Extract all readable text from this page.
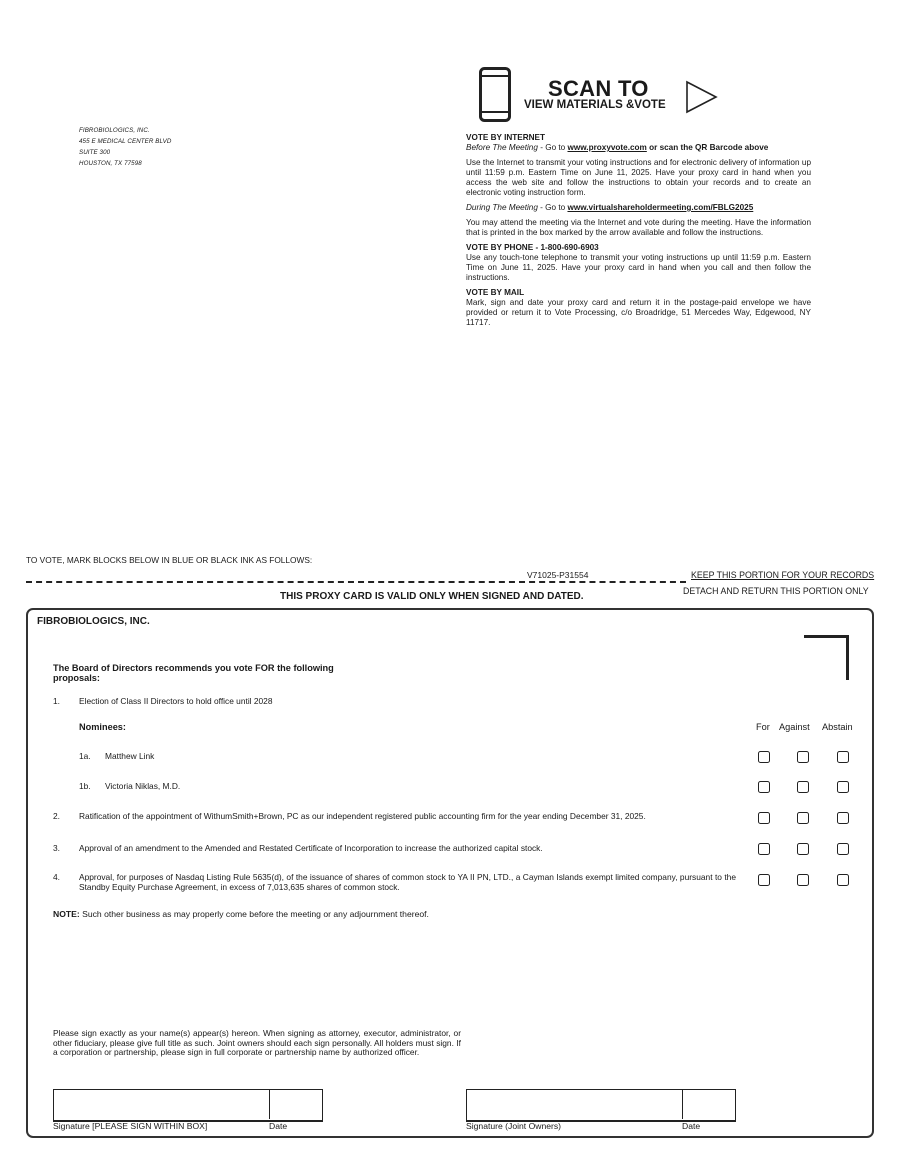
FIBROBIOLOGICS, INC.
455 E MEDICAL CENTER BLVD
SUITE 300
HOUSTON, TX 77598
SCAN TO
VIEW MATERIALS &VOTE
VOTE BY INTERNET
Before The Meeting - Go to www.proxyvote.com or scan the QR Barcode above
Use the Internet to transmit your voting instructions and for electronic delivery of information up until 11:59 p.m. Eastern Time on June 11, 2025. Have your proxy card in hand when you access the web site and follow the instructions to obtain your records and to create an electronic voting instruction form.
During The Meeting - Go to www.virtualshareholdermeeting.com/FBLG2025
You may attend the meeting via the Internet and vote during the meeting. Have the information that is printed in the box marked by the arrow available and follow the instructions.
VOTE BY PHONE - 1-800-690-6903
Use any touch-tone telephone to transmit your voting instructions up until 11:59 p.m. Eastern Time on June 11, 2025. Have your proxy card in hand when you call and then follow the instructions.
VOTE BY MAIL
Mark, sign and date your proxy card and return it in the postage-paid envelope we have provided or return it to Vote Processing, c/o Broadridge, 51 Mercedes Way, Edgewood, NY 11717.
TO VOTE, MARK BLOCKS BELOW IN BLUE OR BLACK INK AS FOLLOWS:
V71025-P31554	KEEP THIS PORTION FOR YOUR RECORDS
DETACH AND RETURN THIS PORTION ONLY
THIS PROXY CARD IS VALID ONLY WHEN SIGNED AND DATED.
FIBROBIOLOGICS, INC.
The Board of Directors recommends you vote FOR the following proposals:
1. Election of Class II Directors to hold office until 2028
Nominees:	For Against Abstain
1a. Matthew Link
1b. Victoria Niklas, M.D.
2. Ratification of the appointment of WithumSmith+Brown, PC as our independent registered public accounting firm for the year ending December 31, 2025.
3. Approval of an amendment to the Amended and Restated Certificate of Incorporation to increase the authorized capital stock.
4. Approval, for purposes of Nasdaq Listing Rule 5635(d), of the issuance of shares of common stock to YA II PN, LTD., a Cayman Islands exempt limited company, pursuant to the Standby Equity Purchase Agreement, in excess of 7,013,635 shares of common stock.
NOTE: Such other business as may properly come before the meeting or any adjournment thereof.
Please sign exactly as your name(s) appear(s) hereon. When signing as attorney, executor, administrator, or other fiduciary, please give full title as such. Joint owners should each sign personally. All holders must sign. If a corporation or partnership, please sign in full corporate or partnership name by authorized officer.
Signature [PLEASE SIGN WITHIN BOX]	Date	Signature (Joint Owners)	Date
